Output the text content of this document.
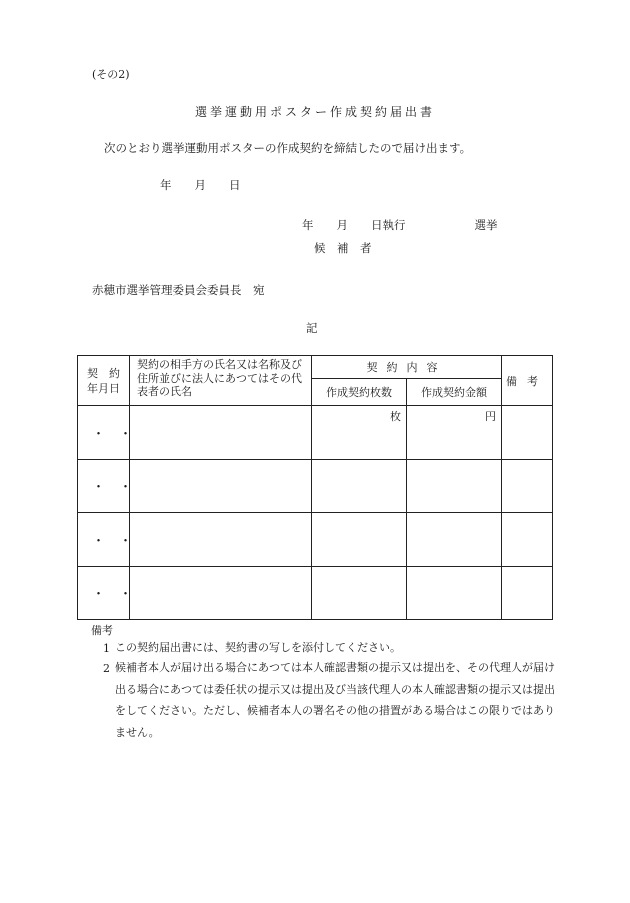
(その2)
選挙運動用ポスター作成契約届出書
次のとおり選挙運動用ポスターの作成契約を締結したので届け出ます。
年　　月　　日
年　　月　　日執行　　　　　　選挙
候　補　者
赤穂市選挙管理委員会委員長　宛
記
契　約
年月日	契約の相手方の氏名又は名称及び住所並びに法人にあつてはその代表者の氏名	契約内容		備考
		作成契約枚数	作成契約金額	
・・		枚	円	
・・				
・・				
・・				
備考
1 この契約届出書には、契約書の写しを添付してください。
2 候補者本人が届け出る場合にあつては本人確認書類の提示又は提出を、その代理人が届け出る場合にあつては委任状の提示又は提出及び当該代理人の本人確認書類の提示又は提出をしてください。ただし、候補者本人の署名その他の措置がある場合はこの限りではありません。
